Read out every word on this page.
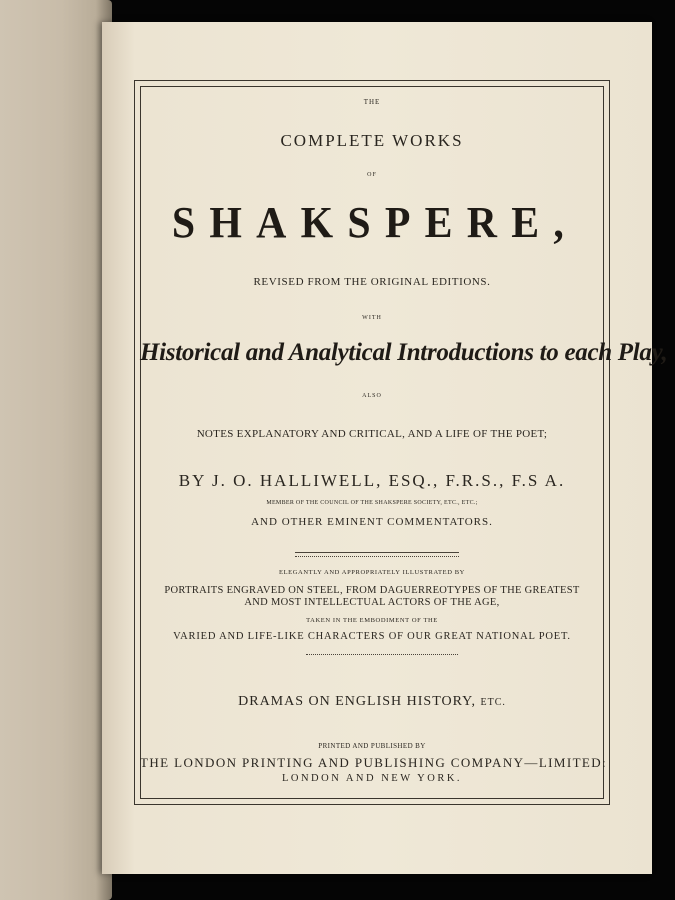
THE
COMPLETE WORKS
OF
SHAKSPERE,
REVISED FROM THE ORIGINAL EDITIONS.
WITH
Historical and Analytical Introductions to each Play,
ALSO
NOTES EXPLANATORY AND CRITICAL, AND A LIFE OF THE POET;
BY J. O. HALLIWELL, ESQ., F.R.S., F.S A.
MEMBER OF THE COUNCIL OF THE SHAKSPERE SOCIETY, ETC., ETC.;
AND OTHER EMINENT COMMENTATORS.
ELEGANTLY AND APPROPRIATELY ILLUSTRATED BY
PORTRAITS ENGRAVED ON STEEL, FROM DAGUERREOTYPES OF THE GREATEST
AND MOST INTELLECTUAL ACTORS OF THE AGE,
TAKEN IN THE EMBODIMENT OF THE
VARIED AND LIFE-LIKE CHARACTERS OF OUR GREAT NATIONAL POET.
DRAMAS ON ENGLISH HISTORY, ETC.
PRINTED AND PUBLISHED BY
THE LONDON PRINTING AND PUBLISHING COMPANY—LIMITED:
LONDON AND NEW YORK.
